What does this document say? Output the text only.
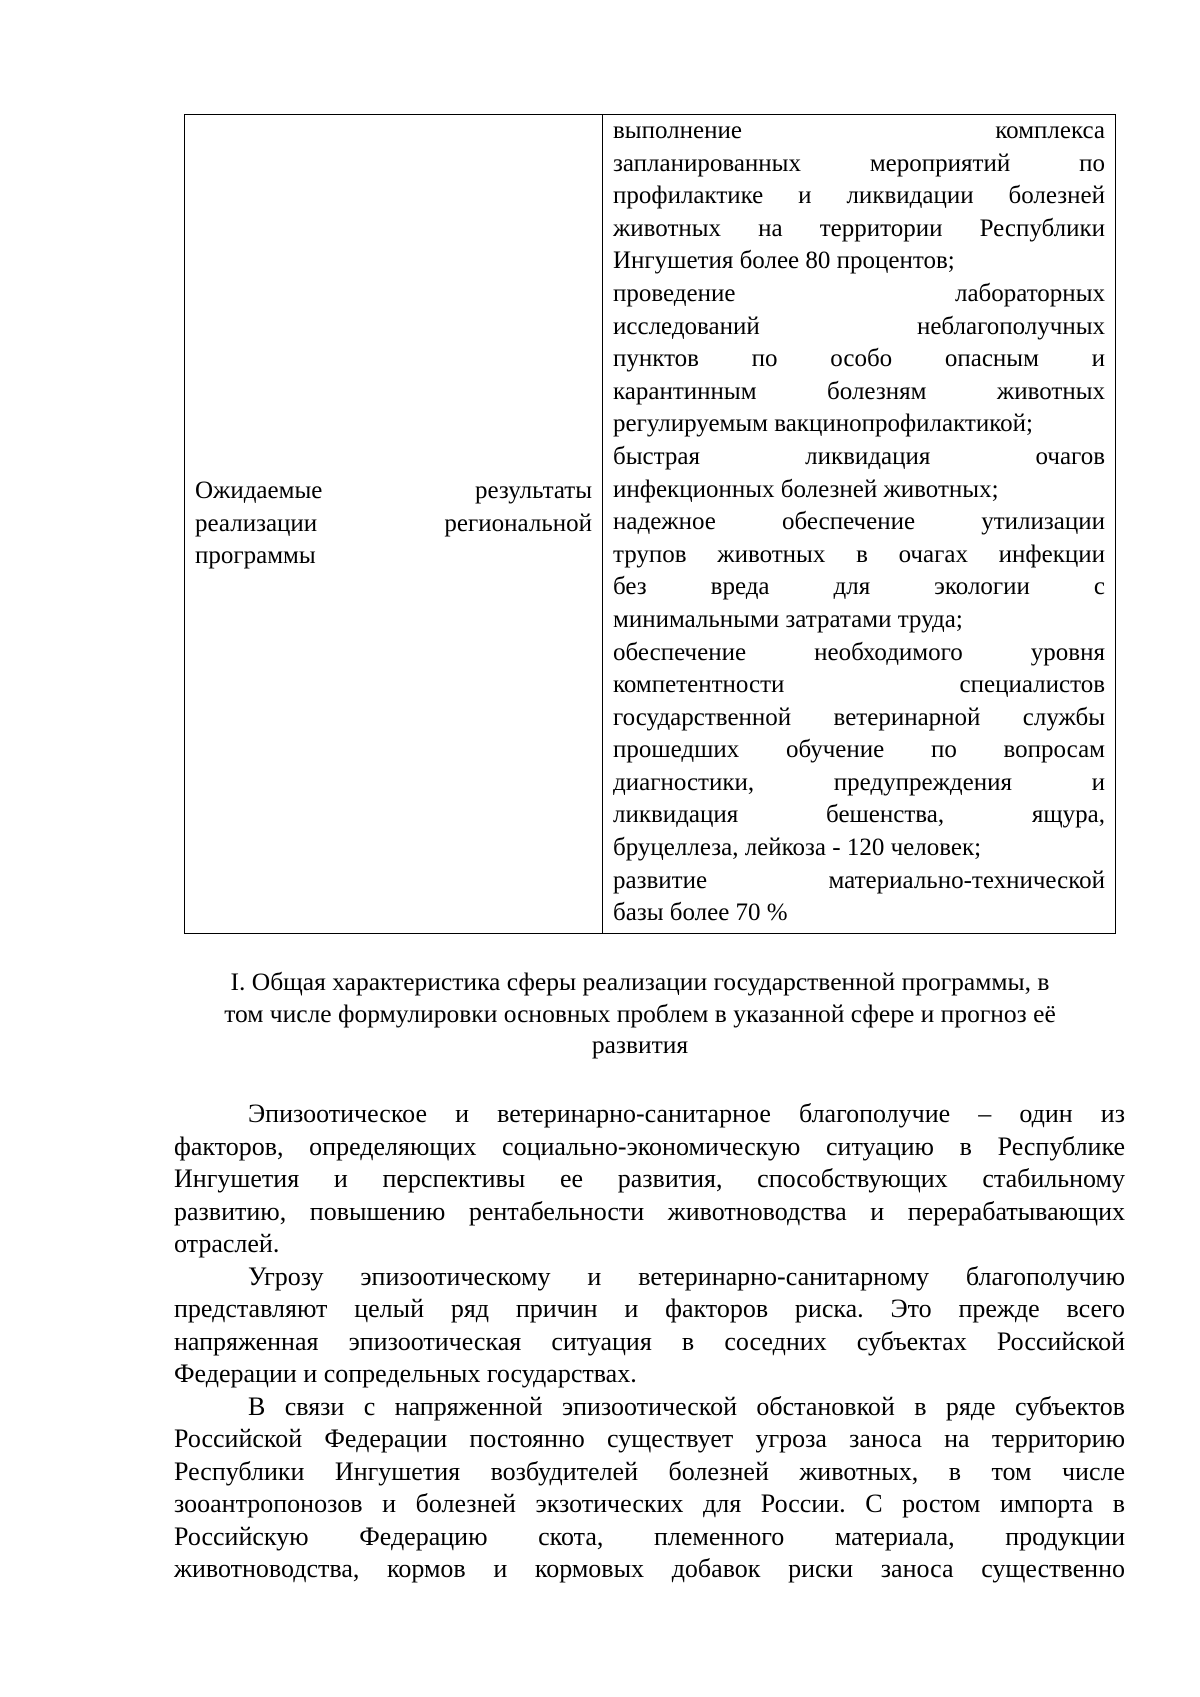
Ожидаемые результаты
реализации региональной
программы

выполнение комплекса
запланированных мероприятий по
профилактике и ликвидации болезней
животных на территории Республики
Ингушетия более 80 процентов;
проведение лабораторных
исследований неблагополучных
пунктов по особо опасным и
карантинным болезням животных
регулируемым вакцинопрофилактикой;
быстрая ликвидация очагов
инфекционных болезней животных;
надежное обеспечение утилизации
трупов животных в очагах инфекции
без вреда для экологии с
минимальными затратами труда;
обеспечение необходимого уровня
компетентности специалистов
государственной ветеринарной службы
прошедших обучение по вопросам
диагностики, предупреждения и
ликвидация бешенства, ящура,
бруцеллеза, лейкоза - 120 человек;
развитие материально-технической
базы более 70 %
I. Общая характеристика сферы реализации государственной программы, в
том числе формулировки основных проблем в указанной сфере и прогноз её
развития
Эпизоотическое и ветеринарно-санитарное благополучие – один из
факторов, определяющих социально-экономическую ситуацию в Республике
Ингушетия и перспективы ее развития, способствующих стабильному
развитию, повышению рентабельности животноводства и перерабатывающих
отраслей.
Угрозу эпизоотическому и ветеринарно-санитарному благополучию
представляют целый ряд причин и факторов риска. Это прежде всего
напряженная эпизоотическая ситуация в соседних субъектах Российской
Федерации и сопредельных государствах.
В связи с напряженной эпизоотической обстановкой в ряде субъектов
Российской Федерации постоянно существует угроза заноса на территорию
Республики Ингушетия возбудителей болезней животных, в том числе
зооантропонозов и болезней экзотических для России. С ростом импорта в
Российскую Федерацию скота, племенного материала, продукции
животноводства, кормов и кормовых добавок риски заноса существенно
